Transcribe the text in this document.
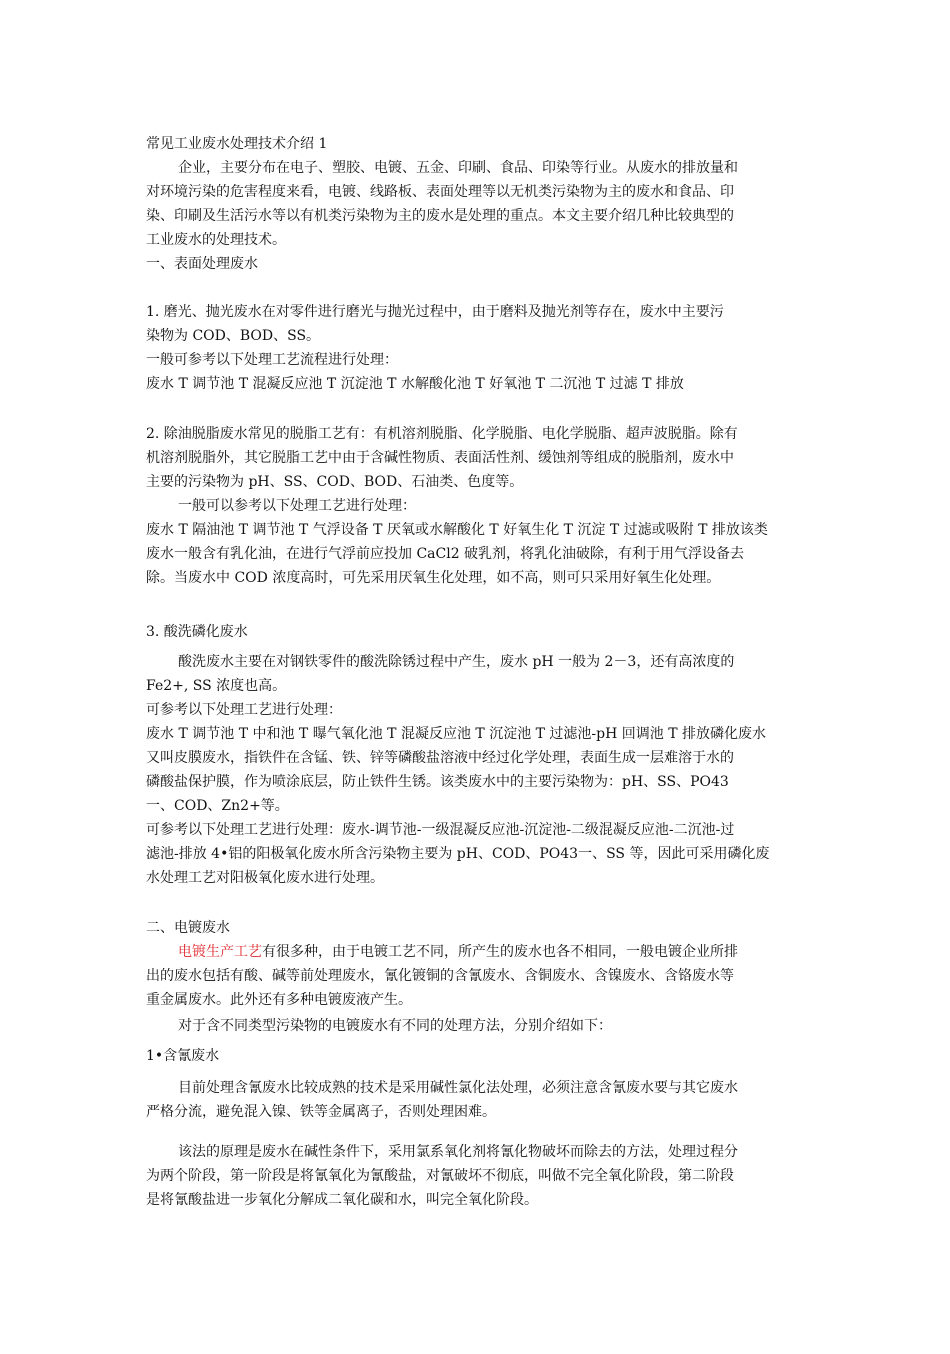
常见工业废水处理技术介绍 1
企业，主要分布在电子、塑胶、电镀、五金、印刷、食品、印染等行业。从废水的排放量和
对环境污染的危害程度来看，电镀、线路板、表面处理等以无机类污染物为主的废水和食品、印
染、印刷及生活污水等以有机类污染物为主的废水是处理的重点。本文主要介绍几种比较典型的
工业废水的处理技术。
一、表面处理废水
1. 磨光、抛光废水在对零件进行磨光与抛光过程中，由于磨料及抛光剂等存在，废水中主要污
染物为 COD、BOD、SS。
一般可参考以下处理工艺流程进行处理：
废水 T 调节池 T 混凝反应池 T 沉淀池 T 水解酸化池 T 好氧池 T 二沉池 T 过滤 T 排放
2. 除油脱脂废水常见的脱脂工艺有：有机溶剂脱脂、化学脱脂、电化学脱脂、超声波脱脂。除有
机溶剂脱脂外，其它脱脂工艺中由于含碱性物质、表面活性剂、缓蚀剂等组成的脱脂剂，废水中
主要的污染物为 pH、SS、COD、BOD、石油类、色度等。
一般可以参考以下处理工艺进行处理：
废水 T 隔油池 T 调节池 T 气浮设备 T 厌氧或水解酸化 T 好氧生化 T 沉淀 T 过滤或吸附 T 排放该类
废水一般含有乳化油，在进行气浮前应投加 CaCl2 破乳剂，将乳化油破除，有利于用气浮设备去
除。当废水中 COD 浓度高时，可先采用厌氧生化处理，如不高，则可只采用好氧生化处理。
3. 酸洗磷化废水
酸洗废水主要在对钢铁零件的酸洗除锈过程中产生，废水 pH 一般为 2－3，还有高浓度的
Fe2+, SS 浓度也高。
可参考以下处理工艺进行处理：
废水 T 调节池 T 中和池 T 曝气氧化池 T 混凝反应池 T 沉淀池 T 过滤池-pH 回调池 T 排放磷化废水
又叫皮膜废水，指铁件在含锰、铁、锌等磷酸盐溶液中经过化学处理，表面生成一层难溶于水的
磷酸盐保护膜，作为喷涂底层，防止铁件生锈。该类废水中的主要污染物为：pH、SS、PO43
一、COD、Zn2+等。
可参考以下处理工艺进行处理：废水-调节池-一级混凝反应池-沉淀池-二级混凝反应池-二沉池-过
滤池-排放 4•铝的阳极氧化废水所含污染物主要为 pH、COD、PO43一、SS 等，因此可采用磷化废
水处理工艺对阳极氧化废水进行处理。
二、电镀废水
电镀生产工艺有很多种，由于电镀工艺不同，所产生的废水也各不相同，一般电镀企业所排
出的废水包括有酸、碱等前处理废水，氰化镀铜的含氰废水、含铜废水、含镍废水、含铬废水等
重金属废水。此外还有多种电镀废液产生。
对于含不同类型污染物的电镀废水有不同的处理方法，分别介绍如下：
1•含氰废水
目前处理含氰废水比较成熟的技术是采用碱性氯化法处理，必须注意含氰废水要与其它废水
严格分流，避免混入镍、铁等金属离子，否则处理困难。
该法的原理是废水在碱性条件下，采用氯系氧化剂将氰化物破坏而除去的方法，处理过程分
为两个阶段，第一阶段是将氰氧化为氰酸盐，对氰破坏不彻底，叫做不完全氧化阶段，第二阶段
是将氰酸盐进一步氧化分解成二氧化碳和水，叫完全氧化阶段。
